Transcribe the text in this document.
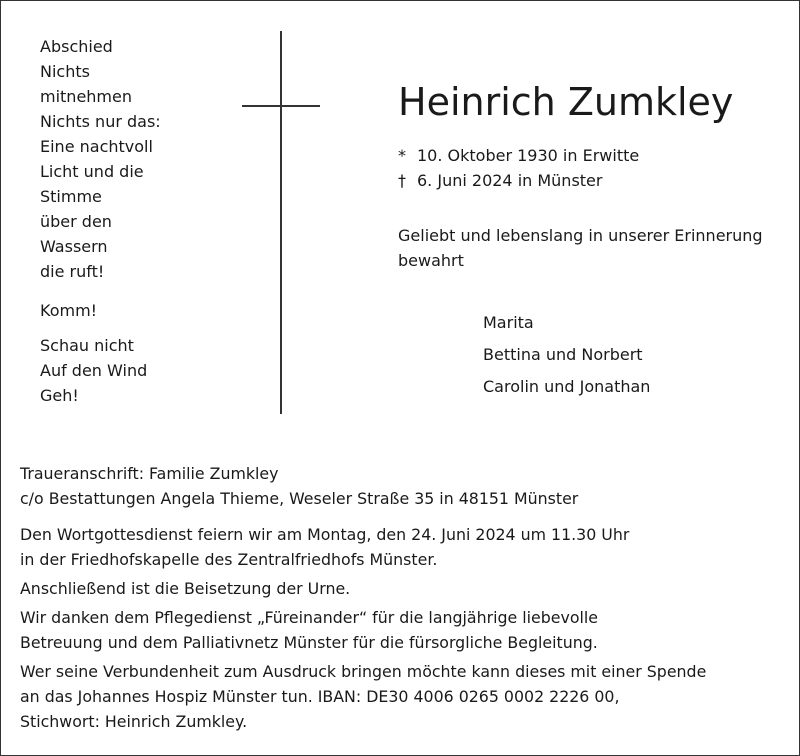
Abschied
Nichts
mitnehmen
Nichts nur das:
Eine nachtvoll
Licht und die
Stimme
über den
Wassern
die ruft!
Komm!
Schau nicht
Auf den Wind
Geh!
Heinrich Zumkley
* 10. Oktober 1930 in Erwitte
† 6. Juni 2024 in Münster
Geliebt und lebenslang in unserer Erinnerung bewahrt
Marita
Bettina und Norbert
Carolin und Jonathan
Traueranschrift: Familie Zumkley
c/o Bestattungen Angela Thieme, Weseler Straße 35 in 48151 Münster
Den Wortgottesdienst feiern wir am Montag, den 24. Juni 2024 um 11.30 Uhr
in der Friedhofskapelle des Zentralfriedhofs Münster.
Anschließend ist die Beisetzung der Urne.
Wir danken dem Pflegedienst „Füreinander“ für die langjährige liebevolle
Betreuung und dem Palliativnetz Münster für die fürsorgliche Begleitung.
Wer seine Verbundenheit zum Ausdruck bringen möchte kann dieses mit einer Spende
an das Johannes Hospiz Münster tun. IBAN: DE30 4006 0265 0002 2226 00,
Stichwort: Heinrich Zumkley.
